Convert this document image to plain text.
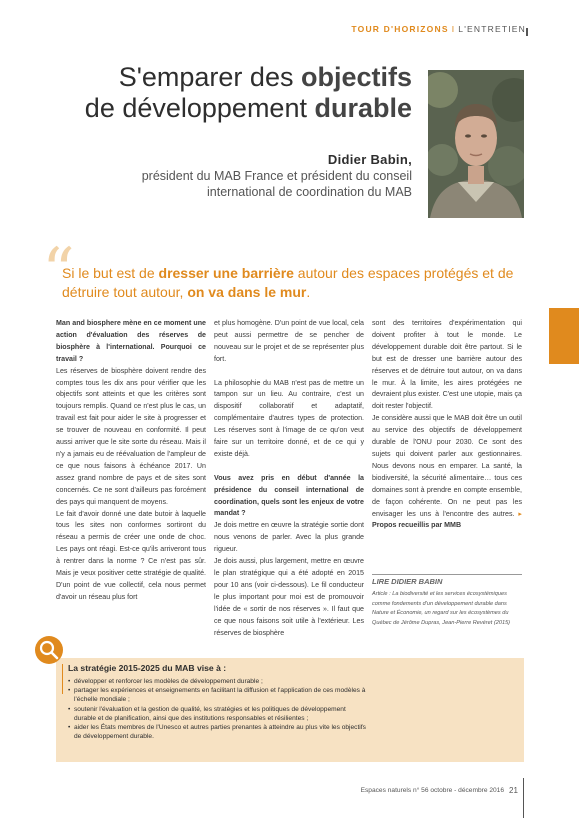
TOUR D'HORIZONS I L'ENTRETIEN
S'emparer des objectifs
de développement durable
Didier Babin,
président du MAB France et président du conseil
international de coordination du MAB
“
Si le but est de dresser une barrière autour des espaces protégés et de détruire tout autour, on va dans le mur.

Man and biosphere mène en ce moment une action d'évaluation des réserves de biosphère à l'international. Pourquoi ce travail ?

Les réserves de biosphère doivent rendre des comptes tous les dix ans pour vérifier que les objectifs sont atteints et que les critères sont toujours remplis. Quand ce n'est plus le cas, un travail est fait pour aider le site à progresser et se trouver de nouveau en conformité. Il peut aussi arriver que le site sorte du réseau. Mais il n'y a jamais eu de réévaluation de l'ampleur de ce que nous faisons à échéance 2017. Un assez grand nombre de pays et de sites sont concernés. Ce ne sont d'ailleurs pas forcément des pays qui manquent de moyens.

Le fait d'avoir donné une date butoir à laquelle tous les sites non conformes sortiront du réseau a permis de créer une onde de choc. Les pays ont réagi. Est-ce qu'ils arriveront tous à rentrer dans la norme ? Ce n'est pas sûr. Mais je veux positiver cette stratégie de qualité. D'un point de vue collectif, cela nous permet d'avoir un réseau plus fort

et plus homogène. D'un point de vue local, cela peut aussi permettre de se pencher de nouveau sur le projet et de se représenter plus fort.

La philosophie du MAB n'est pas de mettre un tampon sur un lieu. Au contraire, c'est un dispositif collaboratif et adaptatif, complémentaire d'autres types de protection. Les réserves sont à l'image de ce qu'on veut faire sur un territoire donné, et de ce qui y existe déjà.

Vous avez pris en début d'année la présidence du conseil international de coordination, quels sont les enjeux de votre mandat ?

Je dois mettre en œuvre la stratégie sortie dont nous venons de parler. Avec la plus grande rigueur.

Je dois aussi, plus largement, mettre en œuvre le plan stratégique qui a été adopté en 2015 pour 10 ans (voir ci-dessous). Le fil conducteur le plus important pour moi est de promouvoir l'idée de « sortir de nos réserves ». Il faut que ce que nous faisons soit utile à l'extérieur. Les réserves de biosphère

sont des territoires d'expérimentation qui doivent profiter à tout le monde. Le développement durable doit être partout. Si le but est de dresser une barrière autour des réserves et de détruire tout autour, on va dans le mur. À la limite, les aires protégées ne devraient plus exister. C'est une utopie, mais ça doit rester l'objectif.

Je considère aussi que le MAB doit être un outil au service des objectifs de développement durable de l'ONU pour 2030. Ce sont des sujets qui doivent parler aux gestionnaires. Nous devons nous en emparer. La santé, la biodiversité, la sécurité alimentaire… tous ces domaines sont à prendre en compte ensemble, de façon cohérente. On ne peut pas les envisager les uns à l'encontre des autres. ▸ Propos recueillis par MMB

LIRE DIDIER BABIN
Article : La biodiversité et les services écosystémiques comme fondements d'un développement durable dans Nature et Économie, un regard sur les écosystèmes du Québec de Jérôme Dupras, Jean-Pierre Revéret (2015)
La stratégie 2015-2025 du MAB vise à :
• développer et renforcer les modèles de développement durable ;
• partager les expériences et enseignements en facilitant la diffusion et l'application de ces modèles à l'échelle mondiale ;
• soutenir l'évaluation et la gestion de qualité, les stratégies et les politiques de développement durable et de planification, ainsi que des institutions responsables et résilientes ;
• aider les États membres de l'Unesco et autres parties prenantes à atteindre au plus vite les objectifs de développement durable.
Espaces naturels n° 56 octobre - décembre 2016 21
